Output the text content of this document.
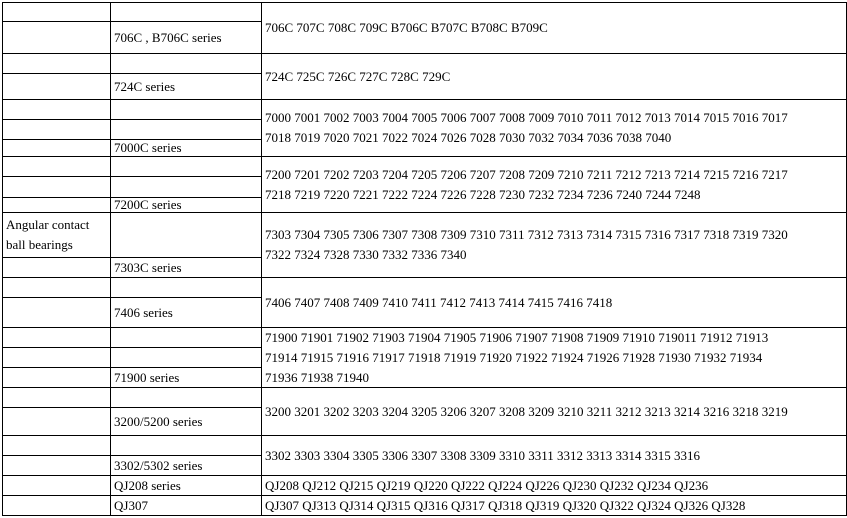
706C , B706C series
724C series
7000C series
7200C series
Angular contact
ball bearings
7303C series
7406 series
71900 series
3200/5200 series
3302/5302 series
QJ208 series
QJ307
706C 707C 708C 709C B706C B707C B708C B709C
724C 725C 726C 727C 728C 729C
7000 7001 7002 7003 7004 7005 7006 7007 7008 7009 7010 7011 7012 7013 7014 7015 7016 7017
7018 7019 7020 7021 7022 7024 7026 7028 7030 7032 7034 7036 7038 7040
7200 7201 7202 7203 7204 7205 7206 7207 7208 7209 7210 7211 7212 7213 7214 7215 7216 7217
7218 7219 7220 7221 7222 7224 7226 7228 7230 7232 7234 7236 7240 7244 7248
7303 7304 7305 7306 7307 7308 7309 7310 7311 7312 7313 7314 7315 7316 7317 7318 7319 7320
7322 7324 7328 7330 7332 7336 7340
7406 7407 7408 7409 7410 7411 7412 7413 7414 7415 7416 7418
71900 71901 71902 71903 71904 71905 71906 71907 71908 71909 71910 719011 71912 71913
71914 71915 71916 71917 71918 71919 71920 71922 71924 71926 71928 71930 71932 71934
71936 71938 71940
3200 3201 3202 3203 3204 3205 3206 3207 3208 3209 3210 3211 3212 3213 3214 3216 3218 3219
3302 3303 3304 3305 3306 3307 3308 3309 3310 3311 3312 3313 3314 3315 3316
QJ208 QJ212 QJ215 QJ219 QJ220 QJ222 QJ224 QJ226 QJ230 QJ232 QJ234 QJ236
QJ307 QJ313 QJ314 QJ315 QJ316 QJ317 QJ318 QJ319 QJ320 QJ322 QJ324 QJ326 QJ328
